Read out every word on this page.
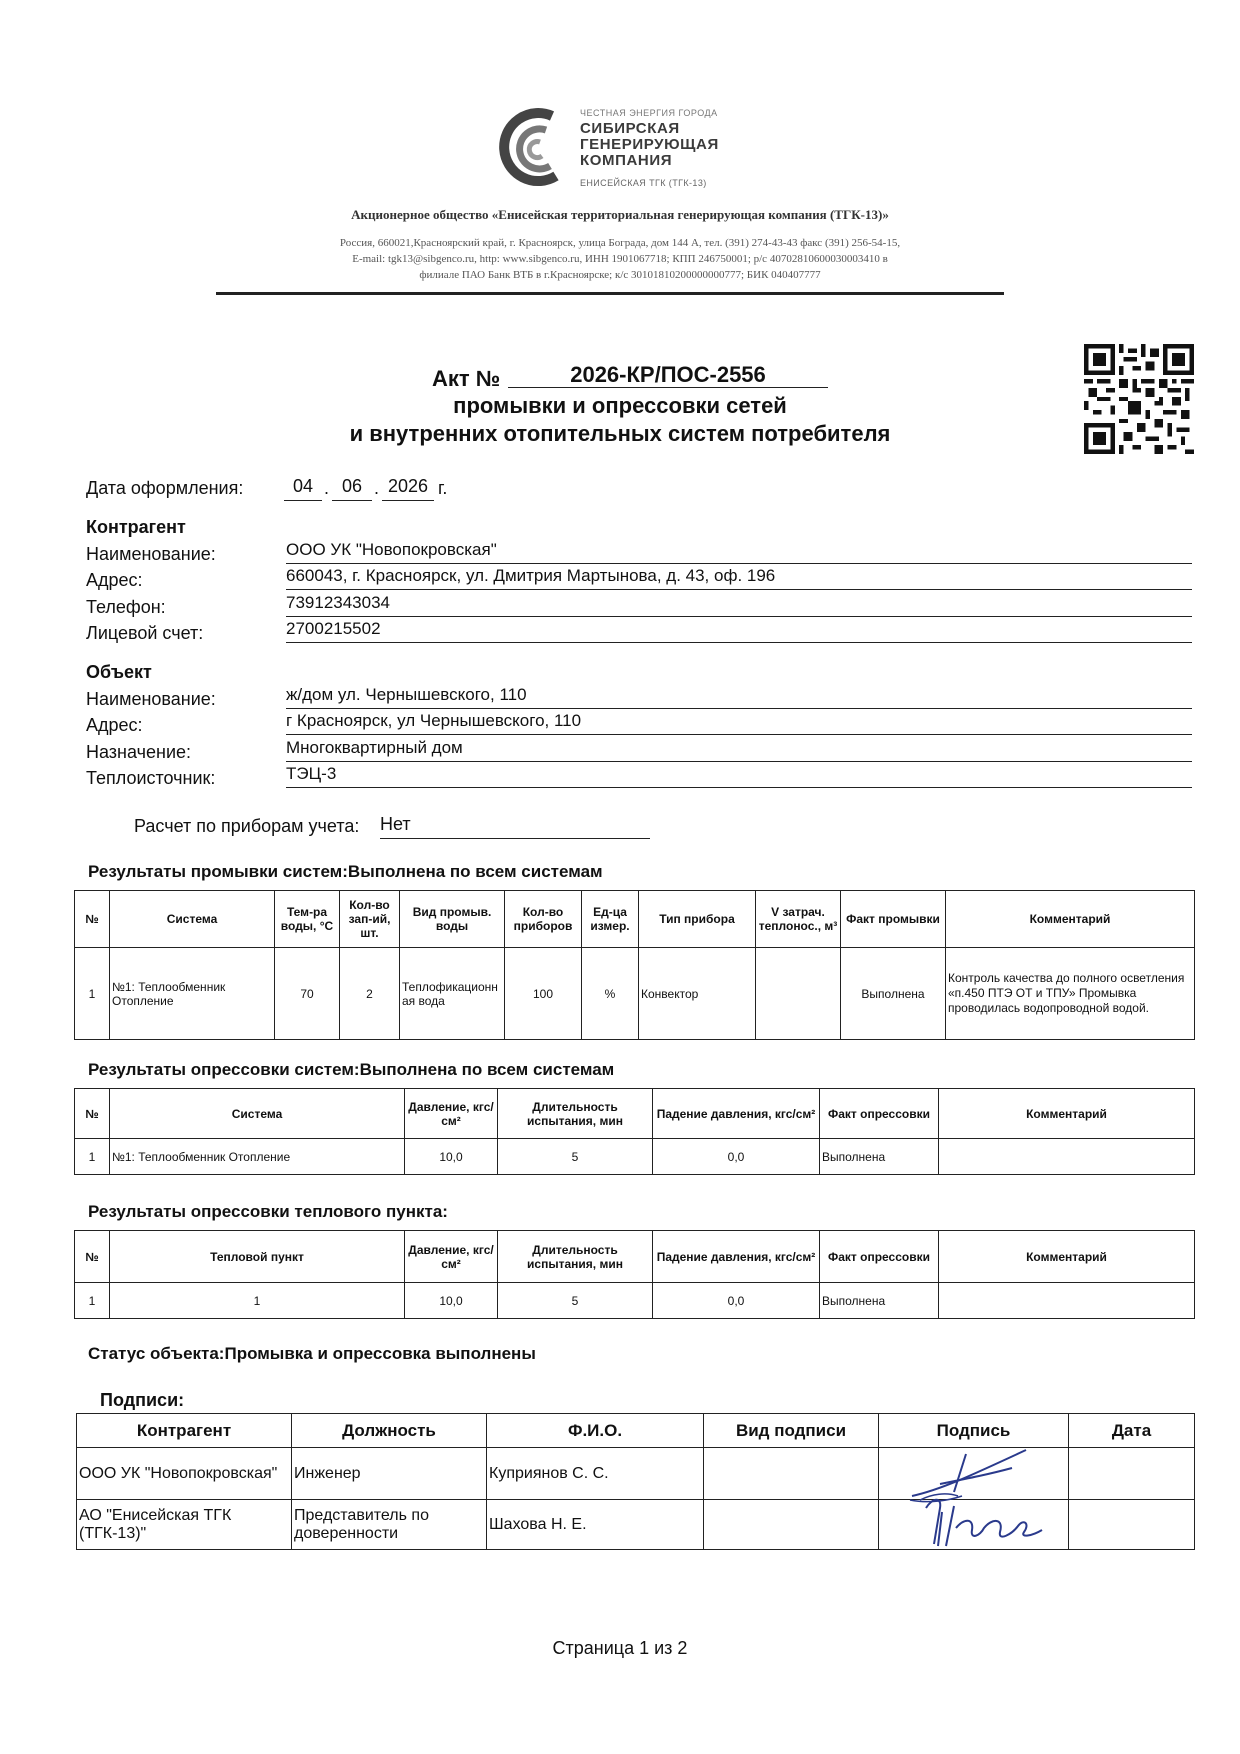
ЧЕСТНАЯ ЭНЕРГИЯ ГОРОДА
СИБИРСКАЯ
ГЕНЕРИРУЮЩАЯ
КОМПАНИЯ
ЕНИСЕЙСКАЯ ТГК (ТГК-13)
Акционерное общество «Енисейская территориальная генерирующая компания (ТГК-13)»
Россия, 660021,Красноярский край, г. Красноярск, улица Бограда, дом 144 А, тел. (391) 274-43-43 факс (391) 256-54-15,
E-mail: tgk13@sibgenco.ru, http: www.sibgenco.ru, ИНН 1901067718; КПП 246750001; р/с 40702810600030003410 в
филиале ПАО Банк ВТБ в г.Красноярске; к/с 30101810200000000777; БИК 040407777
Акт №	2026-КР/ПОС-2556
промывки и опрессовки сетей
и внутренних отопительных систем потребителя
Дата оформления:	04 . 06 . 2026 г.
Контрагент
Наименование:	ООО УК "Новопокровская"
Адрес:	660043, г. Красноярск, ул. Дмитрия Мартынова, д. 43, оф. 196
Телефон:	73912343034
Лицевой счет:	2700215502
Объект
Наименование:	ж/дом ул. Чернышевского, 110
Адрес:	г Красноярск, ул Чернышевского, 110
Назначение:	Многоквартирный дом
Теплоисточник:	ТЭЦ-3
Расчет по приборам учета: Нет
Результаты промывки систем:Выполнена по всем системам
№	Система	Тем-ра воды, °С	Кол-во зап-ий, шт.	Вид промыв. воды	Кол-во приборов	Ед-ца измер.	Тип прибора	V затрач. теплонос., м³	Факт промывки	Комментарий
1	№1: Теплообменник Отопление	70	2	Теплофикационная вода	100	%	Конвектор		Выполнена	Контроль качества до полного осветления «п.450 ПТЭ ОТ и ТПУ» Промывка проводилась водопроводной водой.
Результаты опрессовки систем:Выполнена по всем системам
№	Система	Давление, кгс/см²	Длительность испытания, мин	Падение давления, кгс/см²	Факт опрессовки	Комментарий
1	№1: Теплообменник Отопление	10,0	5	0,0	Выполнена	
Результаты опрессовки теплового пункта:
№	Тепловой пункт	Давление, кгс/см²	Длительность испытания, мин	Падение давления, кгс/см²	Факт опрессовки	Комментарий
1	1	10,0	5	0,0	Выполнена	
Статус объекта:Промывка и опрессовка выполнены
Подписи:
Контрагент	Должность	Ф.И.О.	Вид подписи	Подпись	Дата
ООО УК "Новопокровская"	Инженер	Куприянов С. С.			
АО "Енисейская ТГК (ТГК-13)"	Представитель по доверенности	Шахова Н. Е.			
Страница 1 из 2
